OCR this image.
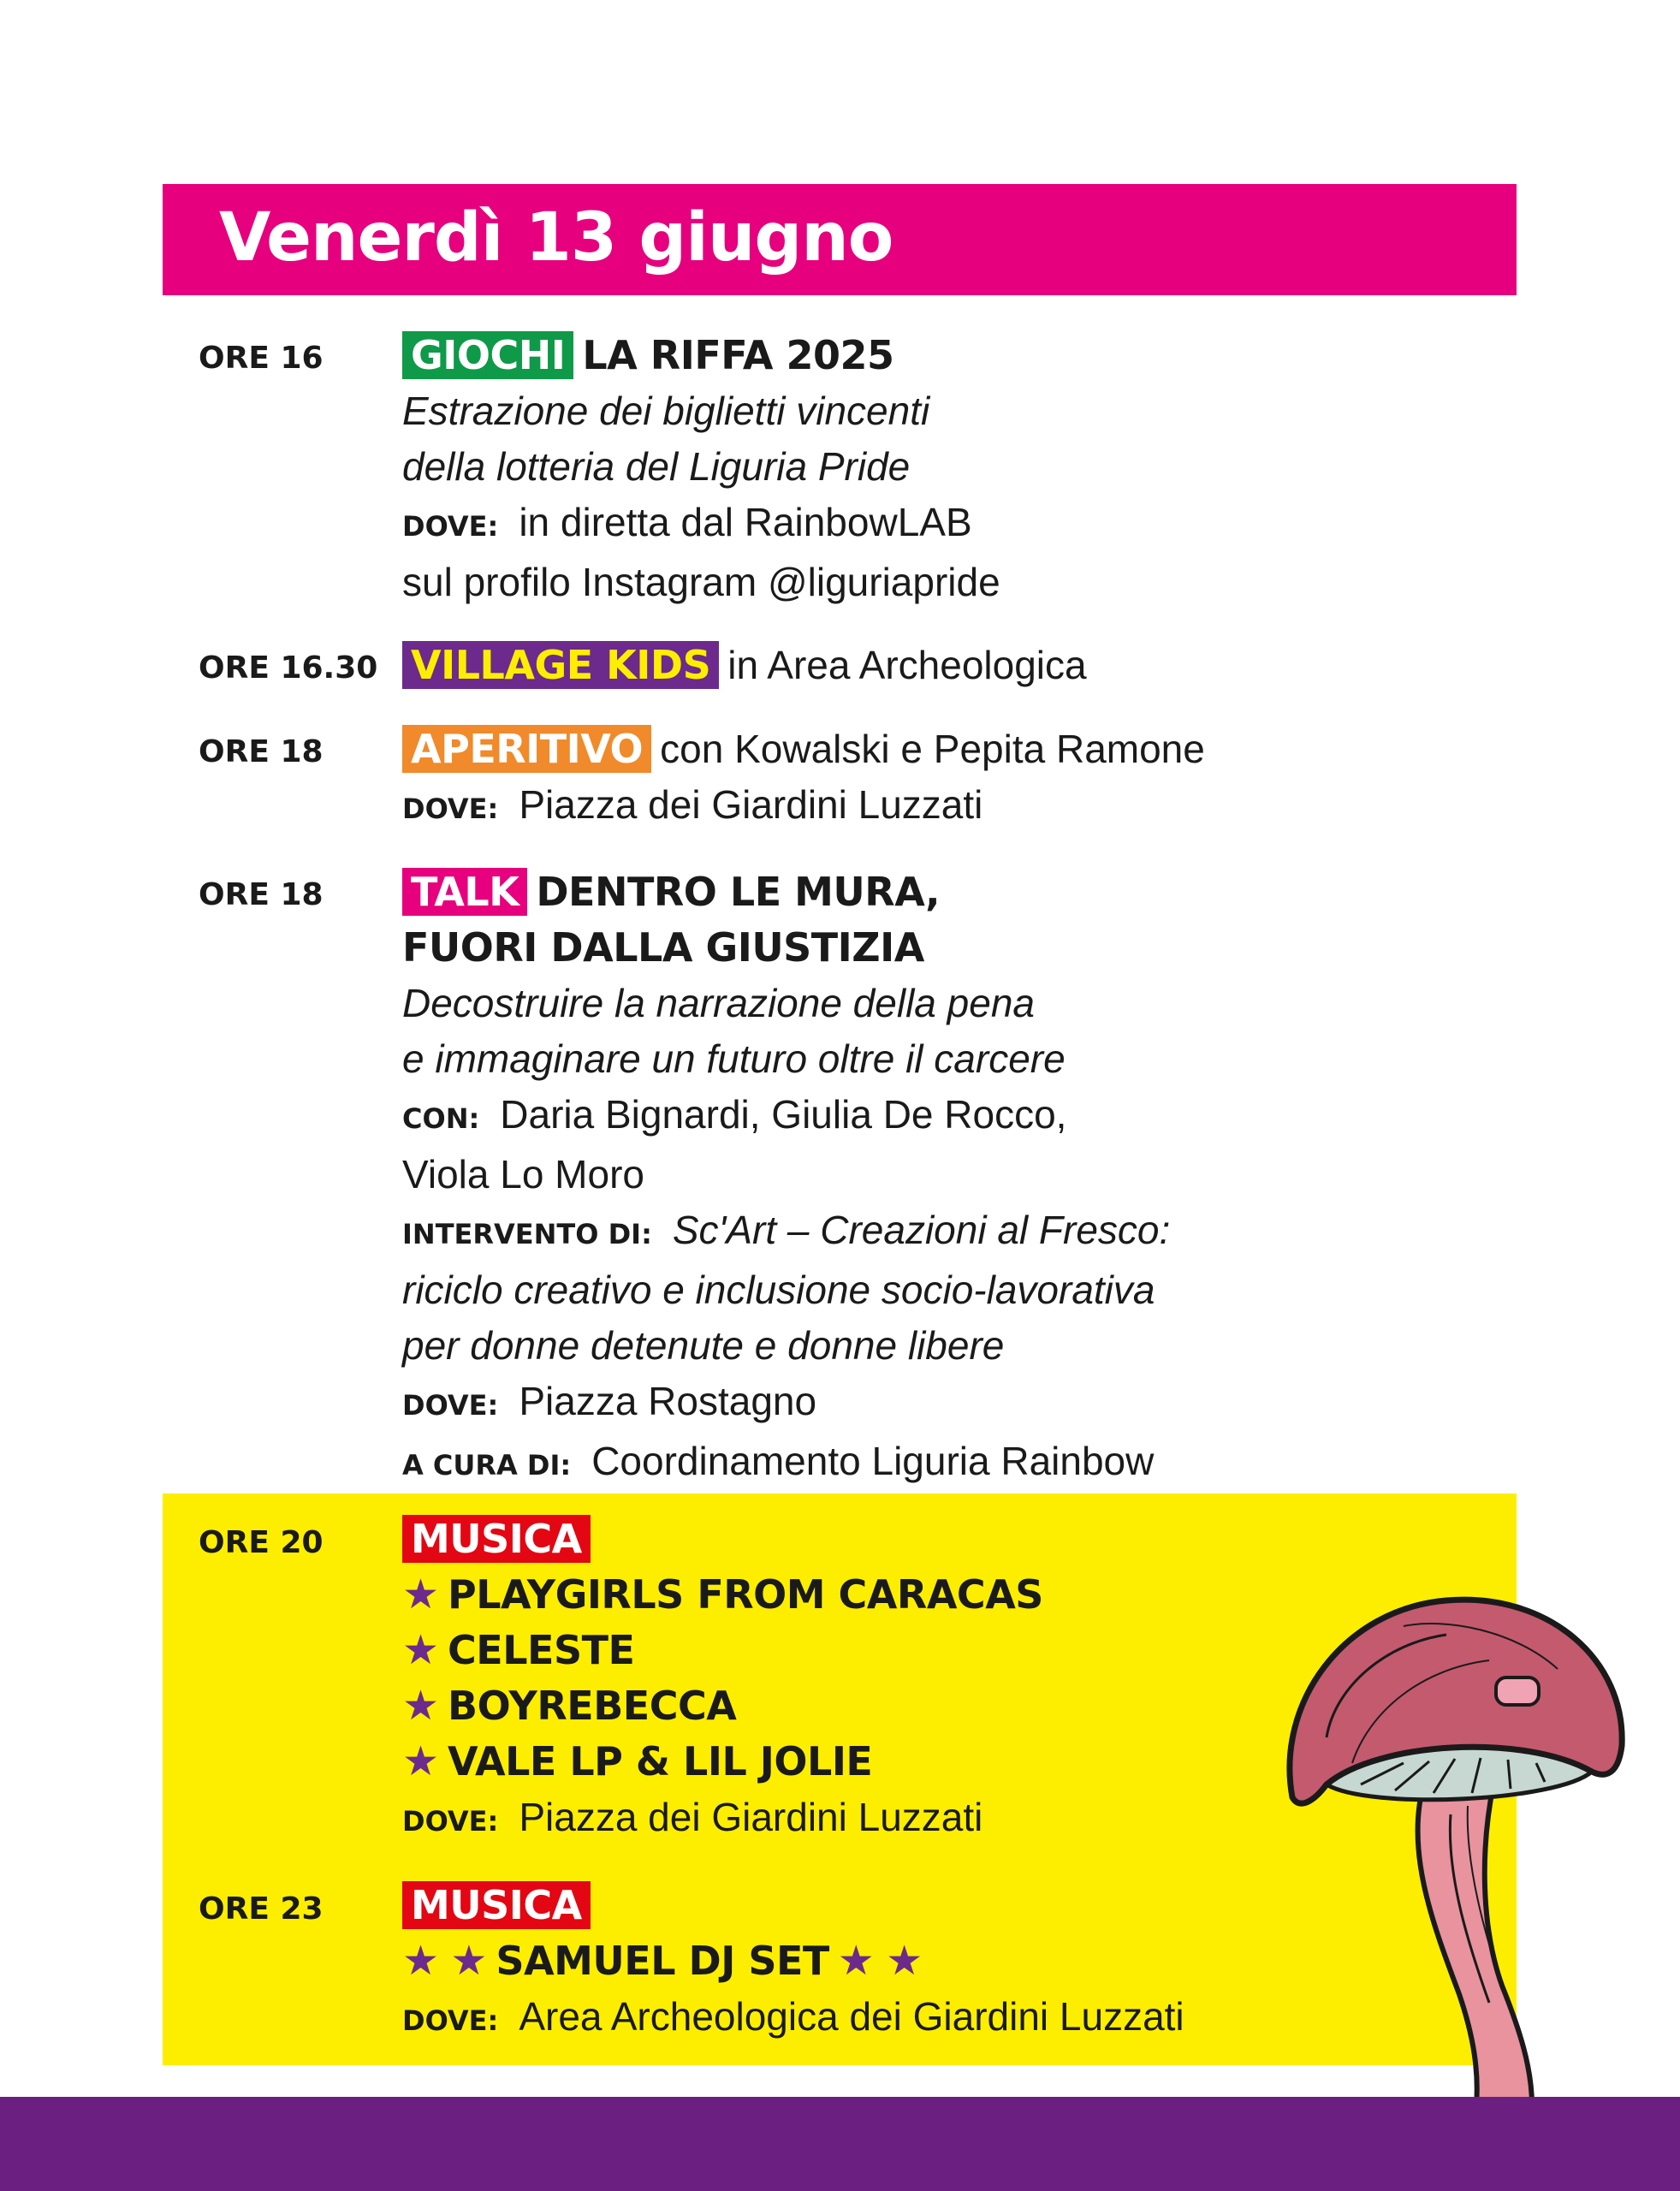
Venerdì 13 giugno
ORE 16 GIOCHI LA RIFFA 2025
Estrazione dei biglietti vincenti
della lotteria del Liguria Pride
DOVE: in diretta dal RainbowLAB
sul profilo Instagram @liguriapride
ORE 16.30 VILLAGE KIDS in Area Archeologica
ORE 18 APERITIVO con Kowalski e Pepita Ramone
DOVE: Piazza dei Giardini Luzzati
ORE 18 TALK DENTRO LE MURA,
FUORI DALLA GIUSTIZIA
Decostruire la narrazione della pena
e immaginare un futuro oltre il carcere
CON: Daria Bignardi, Giulia De Rocco,
Viola Lo Moro
INTERVENTO DI: Sc'Art – Creazioni al Fresco:
riciclo creativo e inclusione socio-lavorativa
per donne detenute e donne libere
DOVE: Piazza Rostagno
A CURA DI: Coordinamento Liguria Rainbow
ORE 20 MUSICA
★ PLAYGIRLS FROM CARACAS
★ CELESTE
★ BOYREBECCA
★ VALE LP & LIL JOLIE
DOVE: Piazza dei Giardini Luzzati
ORE 23 MUSICA
★ ★ SAMUEL DJ SET ★ ★
DOVE: Area Archeologica dei Giardini Luzzati
